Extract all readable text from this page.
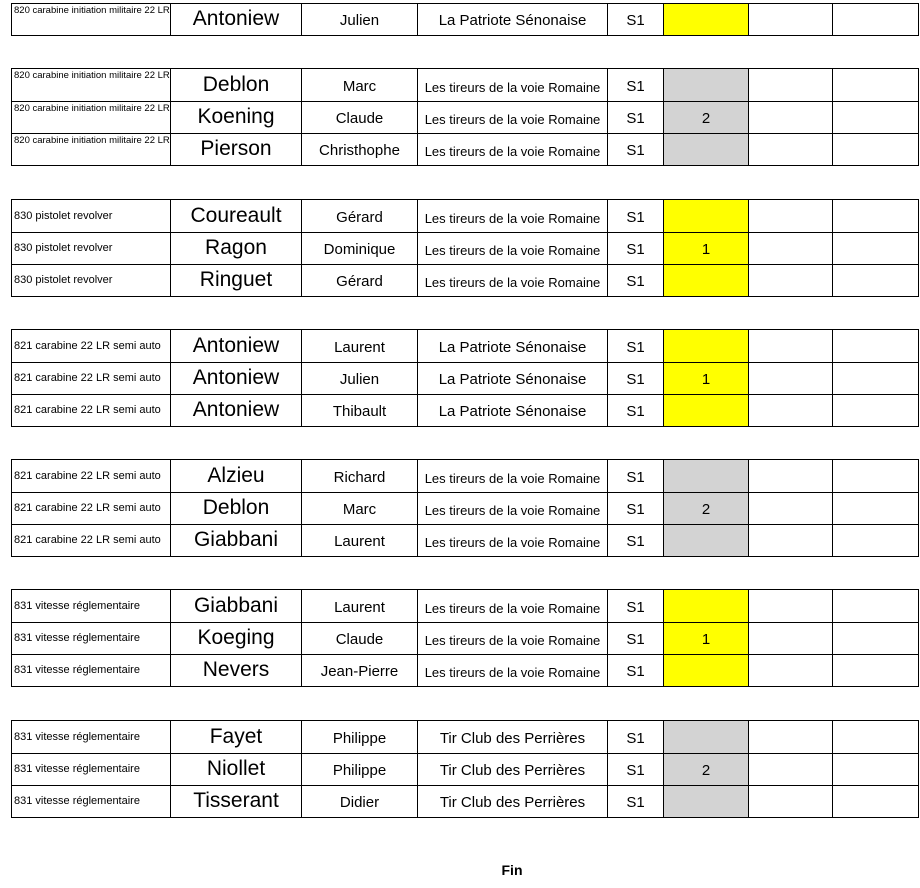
820 carabine initiation militaire 22 LR	Antoniew	Julien	La Patriote Sénonaise	S1
820 carabine initiation militaire 22 LR	Deblon	Marc	Les tireurs de la voie Romaine	S1
820 carabine initiation militaire 22 LR	Koening	Claude	Les tireurs de la voie Romaine	S1	2
820 carabine initiation militaire 22 LR	Pierson	Christhophe	Les tireurs de la voie Romaine	S1
830 pistolet revolver	Coureault	Gérard	Les tireurs de la voie Romaine	S1
830 pistolet revolver	Ragon	Dominique	Les tireurs de la voie Romaine	S1	1
830 pistolet revolver	Ringuet	Gérard	Les tireurs de la voie Romaine	S1
821 carabine 22 LR semi auto	Antoniew	Laurent	La Patriote Sénonaise	S1
821 carabine 22 LR semi auto	Antoniew	Julien	La Patriote Sénonaise	S1	1
821 carabine 22 LR semi auto	Antoniew	Thibault	La Patriote Sénonaise	S1
821 carabine 22 LR semi auto	Alzieu	Richard	Les tireurs de la voie Romaine	S1
821 carabine 22 LR semi auto	Deblon	Marc	Les tireurs de la voie Romaine	S1	2
821 carabine 22 LR semi auto	Giabbani	Laurent	Les tireurs de la voie Romaine	S1
831 vitesse réglementaire	Giabbani	Laurent	Les tireurs de la voie Romaine	S1
831 vitesse réglementaire	Koeging	Claude	Les tireurs de la voie Romaine	S1	1
831 vitesse réglementaire	Nevers	Jean-Pierre	Les tireurs de la voie Romaine	S1
831 vitesse réglementaire	Fayet	Philippe	Tir Club des Perrières	S1
831 vitesse réglementaire	Niollet	Philippe	Tir Club des Perrières	S1	2
831 vitesse réglementaire	Tisserant	Didier	Tir Club des Perrières	S1
Fin
